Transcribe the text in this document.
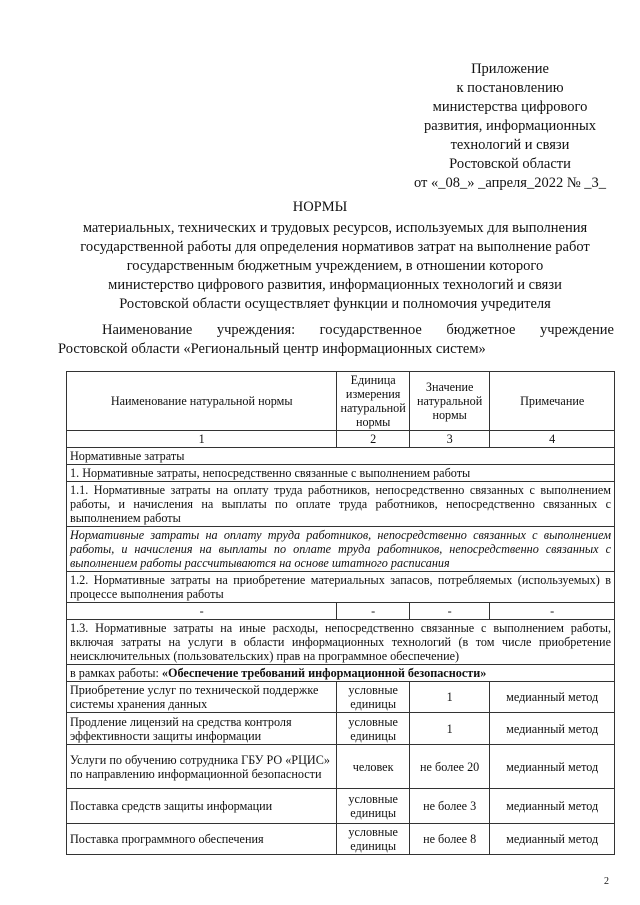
Приложение
к постановлению
министерства цифрового
развития, информационных
технологий и связи
Ростовской области
от «_08_» _апреля_2022 № _3_
НОРМЫ
материальных, технических и трудовых ресурсов, используемых для выполнения
государственной работы для определения нормативов затрат на выполнение работ
государственным бюджетным учреждением, в отношении которого
министерство цифрового развития, информационных технологий и связи
Ростовской области осуществляет функции и полномочия учредителя
Наименование учреждения: государственное бюджетное учреждение
Ростовской области «Региональный центр информационных систем»
Наименование натуральной нормы	Единица измерения натуральной нормы	Значение натуральной нормы	Примечание
1	2	3	4
Нормативные затраты			
1. Нормативные затраты, непосредственно связанные с выполнением работы			
1.1. Нормативные затраты на оплату труда работников, непосредственно связанных с выполнением работы, и начисления на выплаты по оплате труда работников, непосредственно связанных с выполнением работы			
Нормативные затраты на оплату труда работников, непосредственно связанных с выполнением работы, и начисления на выплаты по оплате труда работников, непосредственно связанных с выполнением работы рассчитываются на основе штатного расписания			
1.2. Нормативные затраты на приобретение материальных запасов, потребляемых (используемых) в процессе выполнения работы			
-	-	-	-
1.3. Нормативные затраты на иные расходы, непосредственно связанные с выполнением работы, включая затраты на услуги в области информационных технологий (в том числе приобретение неисключительных (пользовательских) прав на программное обеспечение)			
в рамках работы: «Обеспечение требований информационной безопасности»			
Приобретение услуг по технической поддержке системы хранения данных	условные единицы	1	медианный метод
Продление лицензий на средства контроля эффективности защиты информации	условные единицы	1	медианный метод
Услуги по обучению сотрудника ГБУ РО «РЦИС» по направлению информационной безопасности	человек	не более 20	медианный метод
Поставка средств защиты информации	условные единицы	не более 3	медианный метод
Поставка программного обеспечения	условные единицы	не более 8	медианный метод
2
